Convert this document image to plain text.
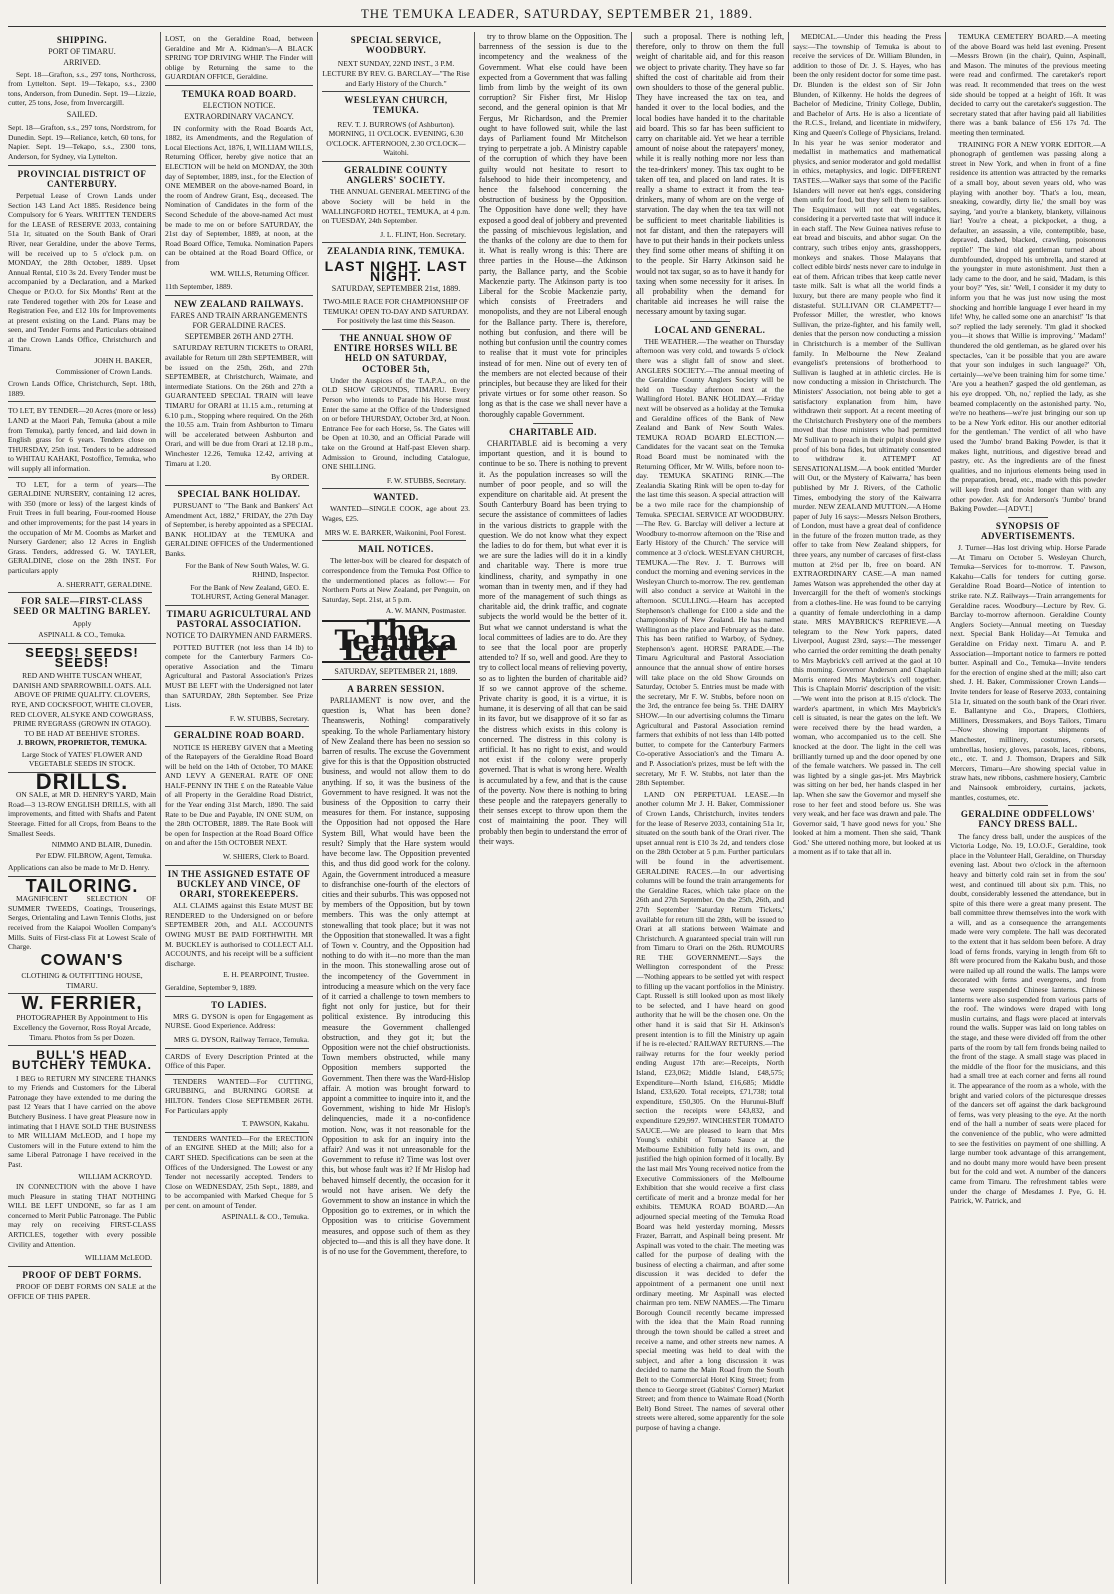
THE TEMUKA LEADER, SATURDAY, SEPTEMBER 21, 1889.
SHIPPING.
PORT OF TIMARU.
ARRIVED.

Sept. 18—Grafton, s.s., 297 tons, Northcross, from Lyttelton. Sept. 19—Tekapo, s.s., 2300 tons, Anderson, from Dunedin. Sept. 19—Lizzie, cutter, 25 tons, Jose, from Invercargill.

SAILED.
Sept. 18—Grafton, s.s., 297 tons, Nordstrom, for Dunedin. Sept. 19—Reliance, ketch, 60 tons, for Napier. Sept. 19—Tekapo, s.s., 2300 tons, Anderson, for Sydney, via Lyttelton.
PROVINCIAL DISTRICT OF CANTERBURY.

Perpetual Lease of Crown Lands under Section 143 Land Act 1885. Residence being Compulsory for 6 Years. WRITTEN TENDERS for the LEASE of RESERVE 2033, containing 51a 1r, situated on the South Bank of Orari River, near Geraldine, under the above Terms, will be received up to 5 o'clock p.m. on MONDAY, the 28th October, 1889. Upset Annual Rental, £10 3s 2d. Every Tender must be accompanied by a Declaration, and a Marked Cheque or P.O.O. for Six Months' Rent at the rate Tendered together with 20s for Lease and Registration Fee, and £12 10s for Improvements at present existing on the Land. Plans may be seen, and Tender Forms and Particulars obtained at the Crown Lands Office, Christchurch and Timaru.

JOHN H. BAKER,
Commissioner of Crown Lands.
Crown Lands Office, Christchurch, Sept. 18th, 1889.
TO LET, BY TENDER—20 Acres (more or less) LAND at the Maori Pah, Temuka (about a mile from Temuka), partly fenced, and laid down in English grass for 6 years. Tenders close on THURSDAY, 25th inst. Tenders to be addressed to WHITAU KAHAKI, Postoffice, Temuka, who will supply all information.

TO LET, for a term of years—The GERALDINE NURSERY, containing 12 acres, with 350 (more or less) of the largest kinds of Fruit Trees in full bearing, Four-roomed House and other improvements; for the past 14 years in the occupation of Mr M. Coombs as Market and Nursery Gardener; also 12 Acres in English Grass. Tenders, addressed G. W. TAYLER, GERALDINE, close on the 28th INST. For particulars apply

A. SHERRATT, GERALDINE.
FOR SALE—FIRST-CLASS SEED OR MALTING BARLEY.
Apply
ASPINALL & CO., Temuka.
SEEDS! SEEDS! SEEDS!
RED AND WHITE TUSCAN WHEAT, DANISH AND SPARROWBILL OATS. ALL ABOVE OF PRIME QUALITY. CLOVERS, RYE, AND COCKSFOOT, WHITE CLOVER, RED CLOVER, ALSYKE AND COWGRASS, PRIME RYEGRASS (GROWN IN OTAGO). TO BE HAD AT BEEHIVE STORES.
J. BROWN, PROPRIETOR, TEMUKA.
Large Stock of YATES' FLOWER AND VEGETABLE SEEDS IN STOCK.
DRILLS.

ON SALE, at MR D. HENRY'S YARD, Main Road—3 13-ROW ENGLISH DRILLS, with all improvements, and fitted with Shafts and Patent Steerage. Fitted for all Crops, from Beans to the Smallest Seeds.

NIMMO AND BLAIR, Dunedin.
Per EDW. FILBROW, Agent, Temuka.
Applications can also be made to Mr D. Henry.
TAILORING.

MAGNIFICENT SELECTION OF SUMMER TWEEDS, Coatings, Trouserings, Serges, Orientaling and Lawn Tennis Cloths, just received from the Kaiapoi Woollen Company's Mills. Suits of First-class Fit at Lowest Scale of Charge.

COWAN'S
CLOTHING & OUTFITTING HOUSE, TIMARU.
W. FERRIER,
PHOTOGRAPHER By Appointment to His Excellency the Governor, Ross Royal Arcade, Timaru. Photos from 5s per Dozen.
BULL'S HEAD BUTCHERY TEMUKA.

I BEG to RETURN MY SINCERE THANKS to my Friends and Customers for the Liberal Patronage they have extended to me during the past 12 Years that I have carried on the above Butchery Business. I have great Pleasure now in intimating that I HAVE SOLD THE BUSINESS to MR WILLIAM McLEOD, and I hope my Customers will in the Future extend to him the same Liberal Patronage I have received in the Past.

WILLIAM ACKROYD.

IN CONNECTION with the above I have much Pleasure in stating THAT NOTHING WILL BE LEFT UNDONE, so far as I am concerned to Merit Public Patronage. The Public may rely on receiving FIRST-CLASS ARTICLES, together with every possible Civility and Attention.

WILLIAM McLEOD.
PROOF OF DEBT FORMS.

PROOF OF DEBT FORMS ON SALE at the OFFICE OF THIS PAPER.

LOST, on the Geraldine Road, between Geraldine and Mr A. Kidman's—A BLACK SPRING TOP DRIVING WHIP. The Finder will oblige by Returning the same to the GUARDIAN OFFICE, Geraldine.
TEMUKA ROAD BOARD.
ELECTION NOTICE.
EXTRAORDINARY VACANCY.

IN conformity with the Road Boards Act, 1882, its Amendments, and the Regulation of Local Elections Act, 1876, I, WILLIAM WILLS, Returning Officer, hereby give notice that an ELECTION will be held on MONDAY, the 30th day of September, 1889, inst., for the Election of ONE MEMBER on the above-named Board, in the room of Andrew Grant, Esq., deceased. The Nomination of Candidates in the form of the Second Schedule of the above-named Act must be made to me on or before SATURDAY, the 21st day of September, 1889, at noon, at the Road Board Office, Temuka. Nomination Papers can be obtained at the Road Board Office, or from

WM. WILLS, Returning Officer.
11th September, 1889.
NEW ZEALAND RAILWAYS.
FARES AND TRAIN ARRANGEMENTS FOR GERALDINE RACES.
SEPTEMBER 26TH AND 27TH.

SATURDAY RETURN TICKETS to ORARI, available for Return till 28th SEPTEMBER, will be issued on the 25th, 26th, and 27th SEPTEMBER, at Christchurch, Waimate, and intermediate Stations. On the 26th and 27th a GUARANTEED SPECIAL TRAIN will leave TIMARU for ORARI at 11.15 a.m., returning at 6.10 p.m., Stopping where required. On the 26th the 10.55 a.m. Train from Ashburton to Timaru will be accelerated between Ashburton and Orari, and will be due from Orari at 12.18 p.m., Winchester 12.26, Temuka 12.42, arriving at Timaru at 1.20.

By ORDER.
SPECIAL BANK HOLIDAY.

PURSUANT to "The Bank and Bankers' Act Amendment Act, 1882," FRIDAY, the 27th Day of September, is hereby appointed as a SPECIAL BANK HOLIDAY at the TEMUKA and GERALDINE OFFICES of the Undermentioned Banks.

For the Bank of New South Wales, W. G. RHIND, Inspector.
For the Bank of New Zealand, GEO. E. TOLHURST, Acting General Manager.
TIMARU AGRICULTURAL AND PASTORAL ASSOCIATION.
NOTICE TO DAIRYMEN AND FARMERS.

POTTED BUTTER (not less than 14 lb) to compete for the Canterbury Farmers Co-operative Association and the Timaru Agricultural and Pastoral Association's Prizes MUST BE LEFT with the Undersigned not later than SATURDAY, 28th September. See Prize Lists.

F. W. STUBBS, Secretary.
GERALDINE ROAD BOARD.

NOTICE IS HEREBY GIVEN that a Meeting of the Ratepayers of the Geraldine Road Board will be held on the 14th of October, TO MAKE AND LEVY A GENERAL RATE OF ONE HALF-PENNY IN THE £ on the Rateable Value of all Property in the Geraldine Road District, for the Year ending 31st March, 1890. The said Rate to be Due and Payable, IN ONE SUM, on the 28th OCTOBER, 1889. The Rate Book will be open for Inspection at the Road Board Office on and after the 15th OCTOBER NEXT.

W. SHIERS, Clerk to Board.
IN THE ASSIGNED ESTATE OF BUCKLEY AND VINCE, OF ORARI, STOREKEEPERS.

ALL CLAIMS against this Estate MUST BE RENDERED to the Undersigned on or before SEPTEMBER 20th, and ALL ACCOUNTS OWING MUST BE PAID FORTHWITH. MR M. BUCKLEY is authorised to COLLECT ALL ACCOUNTS, and his receipt will be a sufficient discharge.

E. H. PEARPOINT, Trustee.
Geraldine, September 9, 1889.
TO LADIES.

MRS G. DYSON is open for Engagement as NURSE. Good Experience. Address:

MRS G. DYSON, Railway Terrace, Temuka.
CARDS of Every Description Printed at the Office of this Paper.

TENDERS WANTED—For CUTTING, GRUBBING, and BURNING GORSE at HILTON. Tenders Close SEPTEMBER 26TH. For Particulars apply

T. PAWSON, Kakahu.

TENDERS WANTED—For the ERECTION of an ENGINE SHED at the Mill; also for a CART SHED. Specifications can be seen at the Offices of the Undersigned. The Lowest or any Tender not necessarily accepted. Tenders to Close on WEDNESDAY, 25th Sept., 1889, and to be accompanied with Marked Cheque for 5 per cent. on amount of Tender.

ASPINALL & CO., Temuka.
SPECIAL SERVICE, WOODBURY.
NEXT SUNDAY, 22ND INST., 3 P.M. LECTURE BY REV. G. BARCLAY—"The Rise and Early History of the Church."
WESLEYAN CHURCH, TEMUKA.
REV. T. J. BURROWS (of Ashburton). MORNING, 11 O'CLOCK. EVENING, 6.30 O'CLOCK. AFTERNOON, 2.30 O'CLOCK—Waitohi.
GERALDINE COUNTY ANGLERS' SOCIETY.

THE ANNUAL GENERAL MEETING of the above Society will be held in the WALLINGFORD HOTEL, TEMUKA, at 4 p.m. on TUESDAY, 24th September.

J. L. FLINT, Hon. Secretary.
ZEALANDIA RINK, TEMUKA.
LAST NIGHT. LAST NIGHT.
SATURDAY, SEPTEMBER 21st, 1889.
TWO-MILE RACE FOR CHAMPIONSHIP OF TEMUKA! OPEN TO-DAY AND SATURDAY. For positively the last time this Season.
THE ANNUAL SHOW OF ENTIRE HORSES WILL BE HELD ON SATURDAY, OCTOBER 5th,

Under the Auspices of the T.A.P.A., on the OLD SHOW GROUNDS, TIMARU. Every Person who intends to Parade his Horse must Enter the same at the Office of the Undersigned on or before THURSDAY, October 3rd, at Noon. Entrance Fee for each Horse, 5s. The Gates will be Open at 10.30, and an Official Parade will take on the Ground at Half-past Eleven sharp. Admission to Ground, including Catalogue, ONE SHILLING.

F. W. STUBBS, Secretary.
WANTED.

WANTED—SINGLE COOK, age about 23. Wages, £25.

MRS W. E. BARKER, Waikonini, Pool Forest.
MAIL NOTICES.

The letter-box will be cleared for despatch of correspondence from the Temuka Post Office to the undermentioned places as follow:— For Northern Ports at New Zealand, per Penguin, on Saturday, Sept. 21st, at 5 p.m.

A. W. MANN, Postmaster.
The Temuka Leader
SATURDAY, SEPTEMBER 21, 1889.
A BARREN SESSION.

PARLIAMENT is now over, and the question is, What has been done? Theansweris, Nothing! comparatively speaking. To the whole Parliamentary history of New Zealand there has been no session so barren of results. The excuse the Government give for this is that the Opposition obstructed business, and would not allow them to do anything. If so, it was the business of the Government to have resigned. It was not the business of the Opposition to carry their measures for them. For instance, supposing the Opposition had not opposed the Hare System Bill, What would have been the result? Simply that the Hare system would have become law. The Opposition prevented this, and thus did good work for the colony. Again, the Government introduced a measure to disfranchise one-fourth of the electors of cities and their suburbs. This was opposed not by members of the Opposition, but by town members. This was the only attempt at stonewalling that took place; but it was not the Opposition that stonewalled. It was a fight of Town v. Country, and the Opposition had nothing to do with it—no more than the man in the moon. This stonewalling arose out of the incompetency of the Government in introducing a measure which on the very face of it carried a challenge to town members to fight not only for justice, but for their political existence. By introducing this measure the Government challenged obstruction, and they got it; but the Opposition were not the chief obstructionists. Town members obstructed, while many Opposition members supported the Government. Then there was the Ward-Hislop affair. A motion was brought forward to appoint a committee to inquire into it, and the Government, wishing to hide Mr Hislop's delinquencies, made it a no-confidence motion. Now, was it not reasonable for the Opposition to ask for an inquiry into the affair? And was it not unreasonable for the Government to refuse it? Time was lost over this, but whose fault was it? If Mr Hislop had behaved himself decently, the occasion for it would not have arisen. We defy the Government to show an instance in which the Opposition go to extremes, or in which the Opposition was to criticise Government measures, and oppose such of them as they objected to—and this is all they have done. It is of no use for the Government, therefore, to

try to throw blame on the Opposition. The barrenness of the session is due to the incompetency and the weakness of the Government. What else could have been expected from a Government that was falling limb from limb by the weight of its own corruption? Sir Fisher first, Mr Hislop second, and the general opinion is that Mr Fergus, Mr Richardson, and the Premier ought to have followed suit, while the last days of Parliament found Mr Mitchelson trying to perpetrate a job. A Ministry capable of the corruption of which they have been guilty would not hesitate to resort to falsehood to hide their incompetency, and hence the falsehood concerning the obstruction of business by the Opposition. The Opposition have done well; they have exposed a good deal of jobbery and prevented the passing of mischievous legislation, and the thanks of the colony are due to them for it. What is really wrong is this: There are three parties in the House—the Atkinson party, the Ballance party, and the Scobie Mackenzie party. The Atkinson party is too Liberal for the Scobie Mackenzie party, which consists of Freetraders and monopolists, and they are not Liberal enough for the Ballance party. There is, therefore, nothing but confusion, and there will be nothing but confusion until the country comes to realise that it must vote for principles instead of for men. Nine out of every ten of the members are not elected because of their principles, but because they are liked for their private virtues or for some other reason. So long as that is the case we shall never have a thoroughly capable Government.

CHARITABLE AID.

CHARITABLE aid is becoming a very important question, and it is bound to continue to be so. There is nothing to prevent it. As the population increases so will the number of poor people, and so will the expenditure on charitable aid. At present the South Canterbury Board has been trying to secure the assistance of committees of ladies in the various districts to grapple with the question. We do not know what they expect the ladies to do for them, but what ever it is we are sure the ladies will do it in a kindly and charitable way. There is more true kindliness, charity, and sympathy in one woman than in twenty men, and if they had more of the management of such things as charitable aid, the drink traffic, and cognate subjects the world would be the better of it. But what we cannot understand is what the local committees of ladies are to do. Are they to see that the local poor are properly attended to? If so, well and good. Are they to try to collect local means of relieving poverty, so as to lighten the burden of charitable aid? If so we cannot approve of the scheme. Private charity is good, it is a virtue, it is humane, it is deserving of all that can be said in its favor, but we disapprove of it so far as the distress which exists in this colony is concerned. The distress in this colony is artificial. It has no right to exist, and would not exist if the colony were properly governed. That is what is wrong here. Wealth is accumulated by a few, and that is the cause of the poverty. Now there is nothing to bring these people and the ratepayers generally to their senses except to throw upon them the cost of maintaining the poor. They will probably then begin to understand the error of their ways.

such a proposal. There is nothing left, therefore, only to throw on them the full weight of charitable aid, and for this reason we object to private charity. They have so far shifted the cost of charitable aid from their own shoulders to those of the general public. They have increased the tax on tea, and handed it over to the local bodies, and the local bodies have handed it to the charitable aid board. This so far has been sufficient to carry on charitable aid. Yet we hear a terrible amount of noise about the ratepayers' money, while it is really nothing more nor less than the tea-drinkers' money. This tax ought to be taken off tea, and placed on land rates. It is really a shame to extract it from the tea-drinkers, many of whom are on the verge of starvation. The day when the tea tax will not be sufficient to meet charitable liabilities is not far distant, and then the ratepayers will have to put their hands in their pockets unless they find some other means of shifting it on to the people. Sir Harry Atkinson said he would not tax sugar, so as to have it handy for taxing when some necessity for it arises. In all probability when the demand for charitable aid increases he will raise the necessary amount by taxing sugar.

LOCAL AND GENERAL.

THE WEATHER.—The weather on Thursday afternoon was very cold, and towards 5 o'clock there was a slight fall of snow and sleet. ANGLERS SOCIETY.—The annual meeting of the Geraldine County Anglers Society will be held on Tuesday afternoon next at the Wallingford Hotel. BANK HOLIDAY.—Friday next will be observed as a holiday at the Temuka and Geraldine offices of the Bank of New Zealand and Bank of New South Wales. TEMUKA ROAD BOARD ELECTION.—Candidates for the vacant seat on the Temuka Road Board must be nominated with the Returning Officer, Mr W. Wills, before noon to-day. TEMUKA SKATING RINK.—The Zealandia Skating Rink will be open to-day for the last time this season. A special attraction will be a two mile race for the championship of Temuka. SPECIAL SERVICE AT WOODBURY.—The Rev. G. Barclay will deliver a lecture at Woodbury to-morrow afternoon on the 'Rise and Early History of the Church.' The service will commence at 3 o'clock. WESLEYAN CHURCH, TEMUKA.—The Rev. J. T. Burrows will conduct the morning and evening services in the Wesleyan Church to-morrow. The rev. gentleman will also conduct a service at Waitohi in the afternoon. SCULLING.—Hearn has accepted Stephenson's challenge for £100 a side and the championship of New Zealand. He has named Wellington as the place and February as the date. This has been ratified to Warboy, of Sydney, Stephenson's agent. HORSE PARADE.—The Timaru Agricultural and Pastoral Association announce that the annual show of entire horses will take place on the old Show Grounds on Saturday, October 5. Entries must be made with the secretary, Mr F. W. Stubbs, before noon on the 3rd, the entrance fee being 5s. THE DAIRY SHOW.—In our advertising columns the Timaru Agricultural and Pastoral Association remind farmers that exhibits of not less than 14lb potted butter, to compete for the Canterbury Farmers Co-operative Association's and the Timaru A. and P. Association's prizes, must be left with the secretary, Mr F. W. Stubbs, not later than the 28th September.

LAND ON PERPETUAL LEASE.—In another column Mr J. H. Baker, Commissioner of Crown Lands, Christchurch, invites tenders for the lease of Reserve 2033, containing 51a 1r, situated on the south bank of the Orari river. The upset annual rent is £10 3s 2d, and tenders close on the 28th October at 5 p.m. Further particulars will be found in the advertisement. GERALDINE RACES.—In our advertising columns will be found the train arrangements for the Geraldine Races, which take place on the 26th and 27th September. On the 25th, 26th, and 27th September 'Saturday Return Tickets,' available for return till the 28th, will be issued to Orari at all stations between Waimate and Christchurch. A guaranteed special train will run from Timaru to Orari on the 26th. RUMOURS RE THE GOVERNMENT.—Says the Wellington correspondent of the Press:—'Nothing appears to be settled yet with respect to filling up the vacant portfolios in the Ministry. Capt. Russell is still looked upon as most likely to be selected, and I have heard on good authority that he will be the chosen one. On the other hand it is said that Sir H. Atkinson's present intention is to fill the Ministry up again if he is re-elected.' RAILWAY RETURNS.—The railway returns for the four weekly period ending August 17th are:—Receipts, North Island, £23,062; Middle Island, £48,575; Expenditure—North Island, £16,685; Middle Island, £33,620. Total receipts, £71,738; total expenditure, £50,305. On the Hurunui-Bluff section the receipts were £43,832, and expenditure £29,997. WINCHESTER TOMATO SAUCE.—We are pleased to learn that Mrs Young's exhibit of Tomato Sauce at the Melbourne Exhibition fully held its own, and justified the high opinion formed of it locally. By the last mail Mrs Young received notice from the Executive Commissioners of the Melbourne Exhibition that she would receive a first class certificate of merit and a bronze medal for her exhibits. TEMUKA ROAD BOARD.—An adjourned special meeting of the Temuka Road Board was held yesterday morning, Messrs Frazer, Barratt, and Aspinall being present. Mr Aspinall was voted to the chair. The meeting was called for the purpose of dealing with the business of electing a chairman, and after some discussion it was decided to defer the appointment of a permanent one until next ordinary meeting. Mr Aspinall was elected chairman pro tem. NEW NAMES.—The Timaru Borough Council recently became impressed with the idea that the Main Road running through the town should be called a street and receive a name, and other streets new names. A special meeting was held to deal with the subject, and after a long discussion it was decided to name the Main Road from the South Belt to the Commercial Hotel King Street; from thence to George street (Gabites' Corner) Market Street; and from thence to Waimate Road (North Belt) Bond Street. The names of several other streets were altered, some apparently for the sole purpose of having a change.

MEDICAL.—Under this heading the Press says:—The township of Temuka is about to receive the services of Dr. William Blunden, in addition to those of Dr. J. S. Hayes, who has been the only resident doctor for some time past. Dr. Blunden is the eldest son of Sir John Blunden, of Kilkenny. He holds the degrees of Bachelor of Medicine, Trinity College, Dublin, and Bachelor of Arts. He is also a licentiate of the R.C.S., Ireland, and licentiate in midwifery, King and Queen's College of Physicians, Ireland. In his year he was senior moderator and medallist in mathematics and mathematical physics, and senior moderator and gold medallist in ethics, metaphysics, and logic. DIFFERENT TASTES.—Walker says that some of the Pacific Islanders will never eat hen's eggs, considering them unfit for food, but they sell them to sailors. The Esquimaux will not eat vegetables, considering it a perverted taste that will induce it in each staff. The New Guinea natives refuse to eat bread and biscuits, and abhor sugar. On the contrary, such tribes enjoy ants, grasshoppers, monkeys and snakes. Those Malayans that collect edible birds' nests never care to indulge in eat of them. African tribes that keep cattle never taste milk. Salt is what all the world finds a luxury, but there are many people who find it distasteful. SULLIVAN OR CLAMPETT?—Professor Miller, the wrestler, who knows Sullivan, the prize-fighter, and his family well, denies that the person now conducting a mission in Christchurch is a member of the Sullivan family. In Melbourne the New Zealand evangelist's pretensions of brotherhood to Sullivan is laughed at in athletic circles. He is now conducting a mission in Christchurch. The Ministers' Association, not being able to get a satisfactory explanation from him, have withdrawn their support. At a recent meeting of the Christchurch Presbytery one of the members moved that those ministers who had permitted Mr Sullivan to preach in their pulpit should give proof of his bona fides, but ultimately consented to withdraw it. ATTEMPT AT SENSATIONALISM.—A book entitled 'Murder will Out, or the Mystery of Kaiwarra,' has been published by Mr J. Rivers, of the Catholic Times, embodying the story of the Kaiwarra murder. NEW ZEALAND MUTTON.—A Home paper of July 16 says:—Messrs Nelson Brothers, of London, must have a great deal of confidence in the future of the frozen mutton trade, as they offer to take from New Zealand shippers, for three years, any number of carcases of first-class mutton at 2½d per lb, free on board. AN EXTRAORDINARY CASE.—A man named James Watson was apprehended the other day at Invercargill for the theft of women's stockings from a clothes-line. He was found to be carrying a quantity of female underclothing in a damp state. MRS MAYBRICK'S REPRIEVE.—A telegram to the New York papers, dated Liverpool, August 23rd, says:—The messenger who carried the order remitting the death penalty to Mrs Maybrick's cell arrived at the gaol at 10 this morning. Governor Anderson and Chaplain Morris entered Mrs Maybrick's cell together. This is Chaplain Morris' description of the visit:—'We went into the prison at 8.15 o'clock. The warder's apartment, in which Mrs Maybrick's cell is situated, is near the gates on the left. We were received there by the head warden, a woman, who accompanied us to the cell. She knocked at the door. The light in the cell was brilliantly turned up and the door opened by one of the female watchers. We passed in. The cell was lighted by a single gas-jet. Mrs Maybrick was sitting on her bed, her hands clasped in her lap. When she saw the Governor and myself she rose to her feet and stood before us. She was very weak, and her face was drawn and pale. The Governor said, 'I have good news for you.' She looked at him a moment. Then she said, 'Thank God.' She uttered nothing more, but looked at us a moment as if to take that all in.

TEMUKA CEMETERY BOARD.—A meeting of the above Board was held last evening. Present—Messrs Brown (in the chair), Quinn, Aspinall, and Mason. The minutes of the previous meeting were read and confirmed. The caretaker's report was read. It recommended that trees on the west side should be topped at a height of 16ft. It was decided to carry out the caretaker's suggestion. The secretary stated that after having paid all liabilities there was a bank balance of £56 17s 7d. The meeting then terminated.

TRAINING FOR A NEW YORK EDITOR.—A phonograph of gentlemen was passing along a street in New York, and when in front of a fine residence its attention was attracted by the remarks of a small boy, about seven years old, who was playing with another boy. 'That's a lou, mean, sneaking, cowardly, dirty lie,' the small boy was saying, 'and you're a blankety, blankety, villainous liar! You're a cheat, a pickpocket, a thug, a defaulter, an assassin, a vile, contemptible, base, depraved, dashed, blacked, crawling, poisonous reptile!' The kind old gentleman turned about dumbfounded, dropped his umbrella, and stared at the youngster in mute astonishment. Just then a lady came to the door, and he said, 'Madam, is this your boy?' 'Yes, sir.' 'Well, I consider it my duty to inform you that he was just now using the most shocking and horrible language I ever heard in my life! Why, he called some one an anarchist!' 'Is that so?' replied the lady serenely. 'I'm glad it shocked you—it shows that Willie is improving.' 'Madam!' thundered the old gentleman, as he glared over his spectacles, 'can it be possible that you are aware that your son indulges in such language?' 'Oh, certainly—we've been training him for some time.' 'Are you a heathen?' gasped the old gentleman, as his eye dropped. 'Oh, no,' replied the lady, as she beamed complacently on the astonished party. 'No, we're no heathens—we're just bringing our son up to be a New York editor. His our another editorial for the gentleman.' The verdict of all who have used the 'Jumbo' brand Baking Powder, is that it makes light, nutritious, and digestive bread and pastry, etc. As the ingredients are of the finest qualities, and no injurious elements being used in the preparation, bread, etc., made with this powder will keep fresh and moist longer than with any other powder. Ask for Anderson's 'Jumbo' brand Baking Powder.—[ADVT.]

SYNOPSIS OF ADVERTISEMENTS.

J. Turner—Has lost driving whip. Horse Parade—At Timaru on October 5. Wesleyan Church, Temuka—Services for to-morrow. T. Pawson, Kakahu—Calls for tenders for cutting gorse. Geraldine Road Board—Notice of intention to strike rate. N.Z. Railways—Train arrangements for Geraldine races. Woodbury—Lecture by Rev. G. Barclay to-morrow afternoon. Geraldine County Anglers Society—Annual meeting on Tuesday next. Special Bank Holiday—At Temuka and Geraldine on Friday next. Timaru A. and P. Association—Important notice to farmers re potted butter. Aspinall and Co., Temuka—Invite tenders for the erection of engine shed at the mill; also cart shed. J. H. Baker, Commissioner Crown Lands—Invite tenders for lease of Reserve 2033, containing 51a 1r, situated on the south bank of the Orari river. E. Ballantyne and Co., Drapers, Clothiers, Milliners, Dressmakers, and Boys Tailors, Timaru—Now showing important shipments of Manchester, millinery, costumes, corsets, umbrellas, hosiery, gloves, parasols, laces, ribbons, etc., etc. T. and J. Thomson, Drapers and Silk Mercers, Timaru—Are showing special value in straw hats, new ribbons, cashmere hosiery, Cambric and Nainsook embroidery, curtains, jackets, mantles, costumes, etc.

GERALDINE ODDFELLOWS' FANCY DRESS BALL.

The fancy dress ball, under the auspices of the Victoria Lodge, No. 19, I.O.O.F., Geraldine, took place in the Volunteer Hall, Geraldine, on Thursday evening last. About two o'clock in the afternoon heavy and bitterly cold rain set in from the sou' west, and continued till about six p.m. This, no doubt, considerably lessened the attendance, but in spite of this there were a great many present. The ball committee threw themselves into the work with a will, and as a consequence the arrangements made were very complete. The hall was decorated to the extent that it has seldom been before. A dray load of ferns fronds, varying in length from 6ft to 8ft were procured from the Kakahu bush, and those were nailed up all round the walls. The lamps were decorated with ferns and evergreens, and from these were suspended Chinese lanterns. Chinese lanterns were also suspended from various parts of the roof. The windows were draped with long muslin curtains, and flags were placed at intervals round the walls. Supper was laid on long tables on the stage, and these were divided off from the other parts of the room by tall fern fronds being nailed to the front of the stage. A small stage was placed in the middle of the floor for the musicians, and this had a small tree at each corner and ferns all round it. The appearance of the room as a whole, with the bright and varied colors of the picturesque dresses of the dancers set off against the dark background of ferns, was very pleasing to the eye. At the north end of the hall a number of seats were placed for the convenience of the public, who were admitted to see the festivities on payment of one shilling. A large number took advantage of this arrangement, and no doubt many more would have been present but for the cold and wet. A number of the dancers came from Timaru. The refreshment tables were under the charge of Mesdames J. Pye, G. H. Patrick, W. Patrick, and
